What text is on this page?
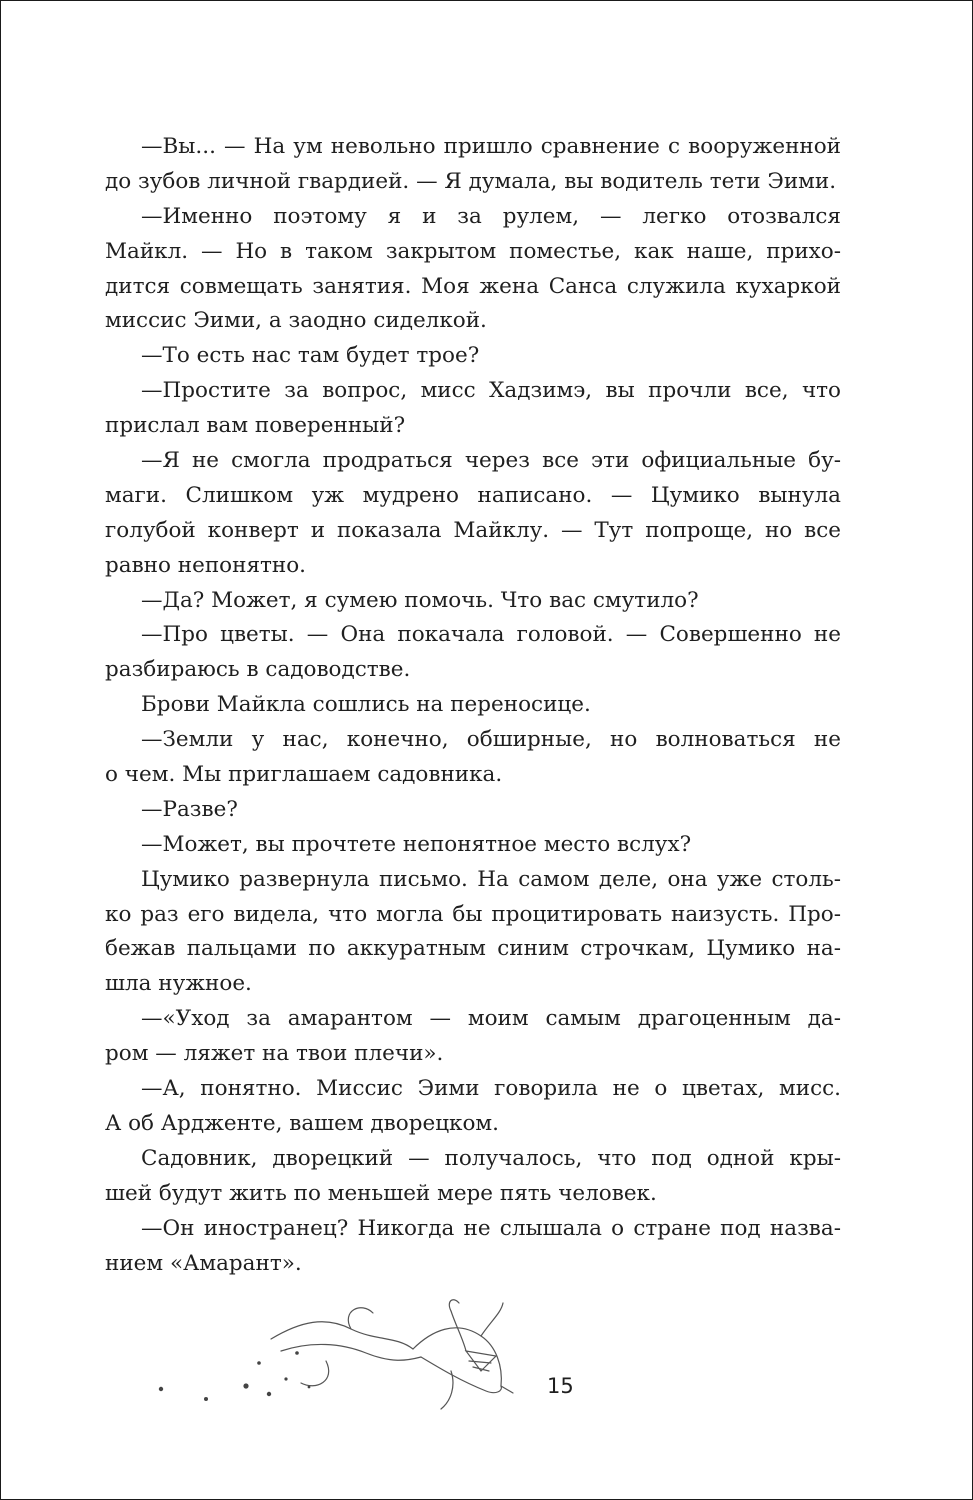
—Вы... — На ум невольно пришло сравнение с вооруженной
до зубов личной гвардией. — Я думала, вы водитель тети Эими.

—Именно поэтому я и за рулем, — легко отозвался
Майкл. — Но в таком закрытом поместье, как наше, прихо-
дится совмещать занятия. Моя жена Санса служила кухаркой
миссис Эими, а заодно сиделкой.

—То есть нас там будет трое?

—Простите за вопрос, мисс Хадзимэ, вы прочли все, что
прислал вам поверенный?

—Я не смогла продраться через все эти официальные бу-
маги. Слишком уж мудрено написано. — Цумико вынула
голубой конверт и показала Майклу. — Тут попроще, но все
равно непонятно.

—Да? Может, я сумею помочь. Что вас смутило?

—Про цветы. — Она покачала головой. — Совершенно не
разбираюсь в садоводстве.

Брови Майкла сошлись на переносице.

—Земли у нас, конечно, обширные, но волноваться не
о чем. Мы приглашаем садовника.

—Разве?

—Может, вы прочтете непонятное место вслух?

Цумико развернула письмо. На самом деле, она уже столь-
ко раз его видела, что могла бы процитировать наизусть. Про-
бежав пальцами по аккуратным синим строчкам, Цумико на-
шла нужное.

—«Уход за амарантом — моим самым драгоценным да-
ром — ляжет на твои плечи».

—А, понятно. Миссис Эими говорила не о цветах, мисс.
А об Ардженте, вашем дворецком.

Садовник, дворецкий — получалось, что под одной кры-
шей будут жить по меньшей мере пять человек.

—Он иностранец? Никогда не слышала о стране под назва-
нием «Амарант».

15
